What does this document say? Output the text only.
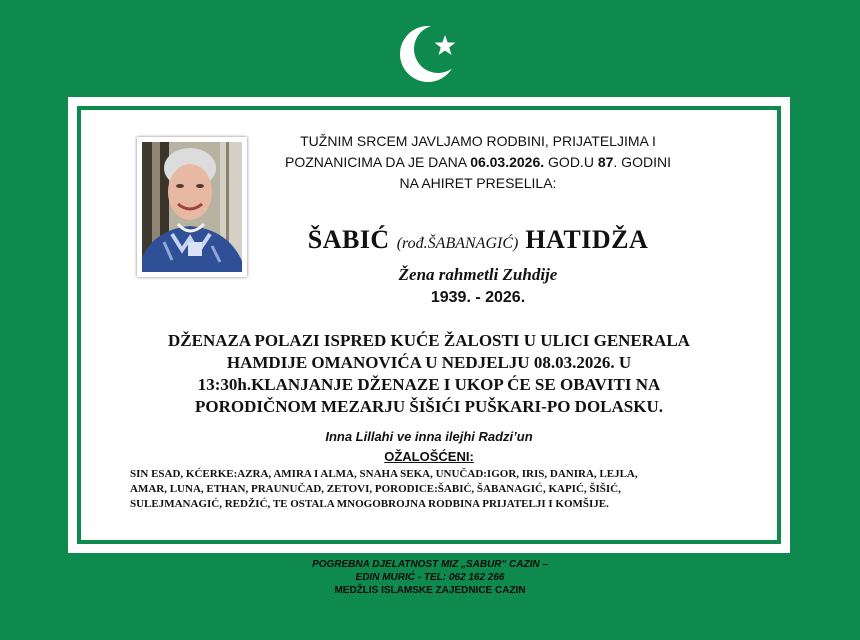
TUŽNIM SRCEM JAVLJAMO RODBINI, PRIJATELJIMA I
POZNANICIMA DA JE DANA 06.03.2026. GOD.U 87. GODINI
NA AHIRET PRESELILA:
ŠABIĆ (rođ.ŠABANAGIĆ) HATIDŽA
Žena rahmetli Zuhdije
1939. - 2026.
DŽENAZA POLAZI ISPRED KUĆE ŽALOSTI U ULICI GENERALA
HAMDIJE OMANOVIĆA U NEDJELJU 08.03.2026. U
13:30h.KLANJANJE DŽENAZE I UKOP ĆE SE OBAVITI NA
PORODIČNOM MEZARJU ŠIŠIĆI PUŠKARI-PO DOLASKU.
Inna Lillahi ve inna ilejhi Radzi’un
OŽALOŠĆENI:
SIN ESAD, KĆERKE:AZRA, AMIRA I ALMA, SNAHA SEKA, UNUČAD:IGOR, IRIS, DANIRA, LEJLA,
AMAR, LUNA, ETHAN, PRAUNUČAD, ZETOVI, PORODICE:ŠABIĆ, ŠABANAGIĆ, KAPIĆ, ŠIŠIĆ,
SULEJMANAGIĆ, REDŽIĆ, TE OSTALA MNOGOBROJNA RODBINA PRIJATELJI I KOMŠIJE.
POGREBNA DJELATNOST MIZ „SABUR" CAZIN –
EDIN MURIĆ - TEL: 062 162 266
MEDŽLIS ISLAMSKE ZAJEDNICE CAZIN
